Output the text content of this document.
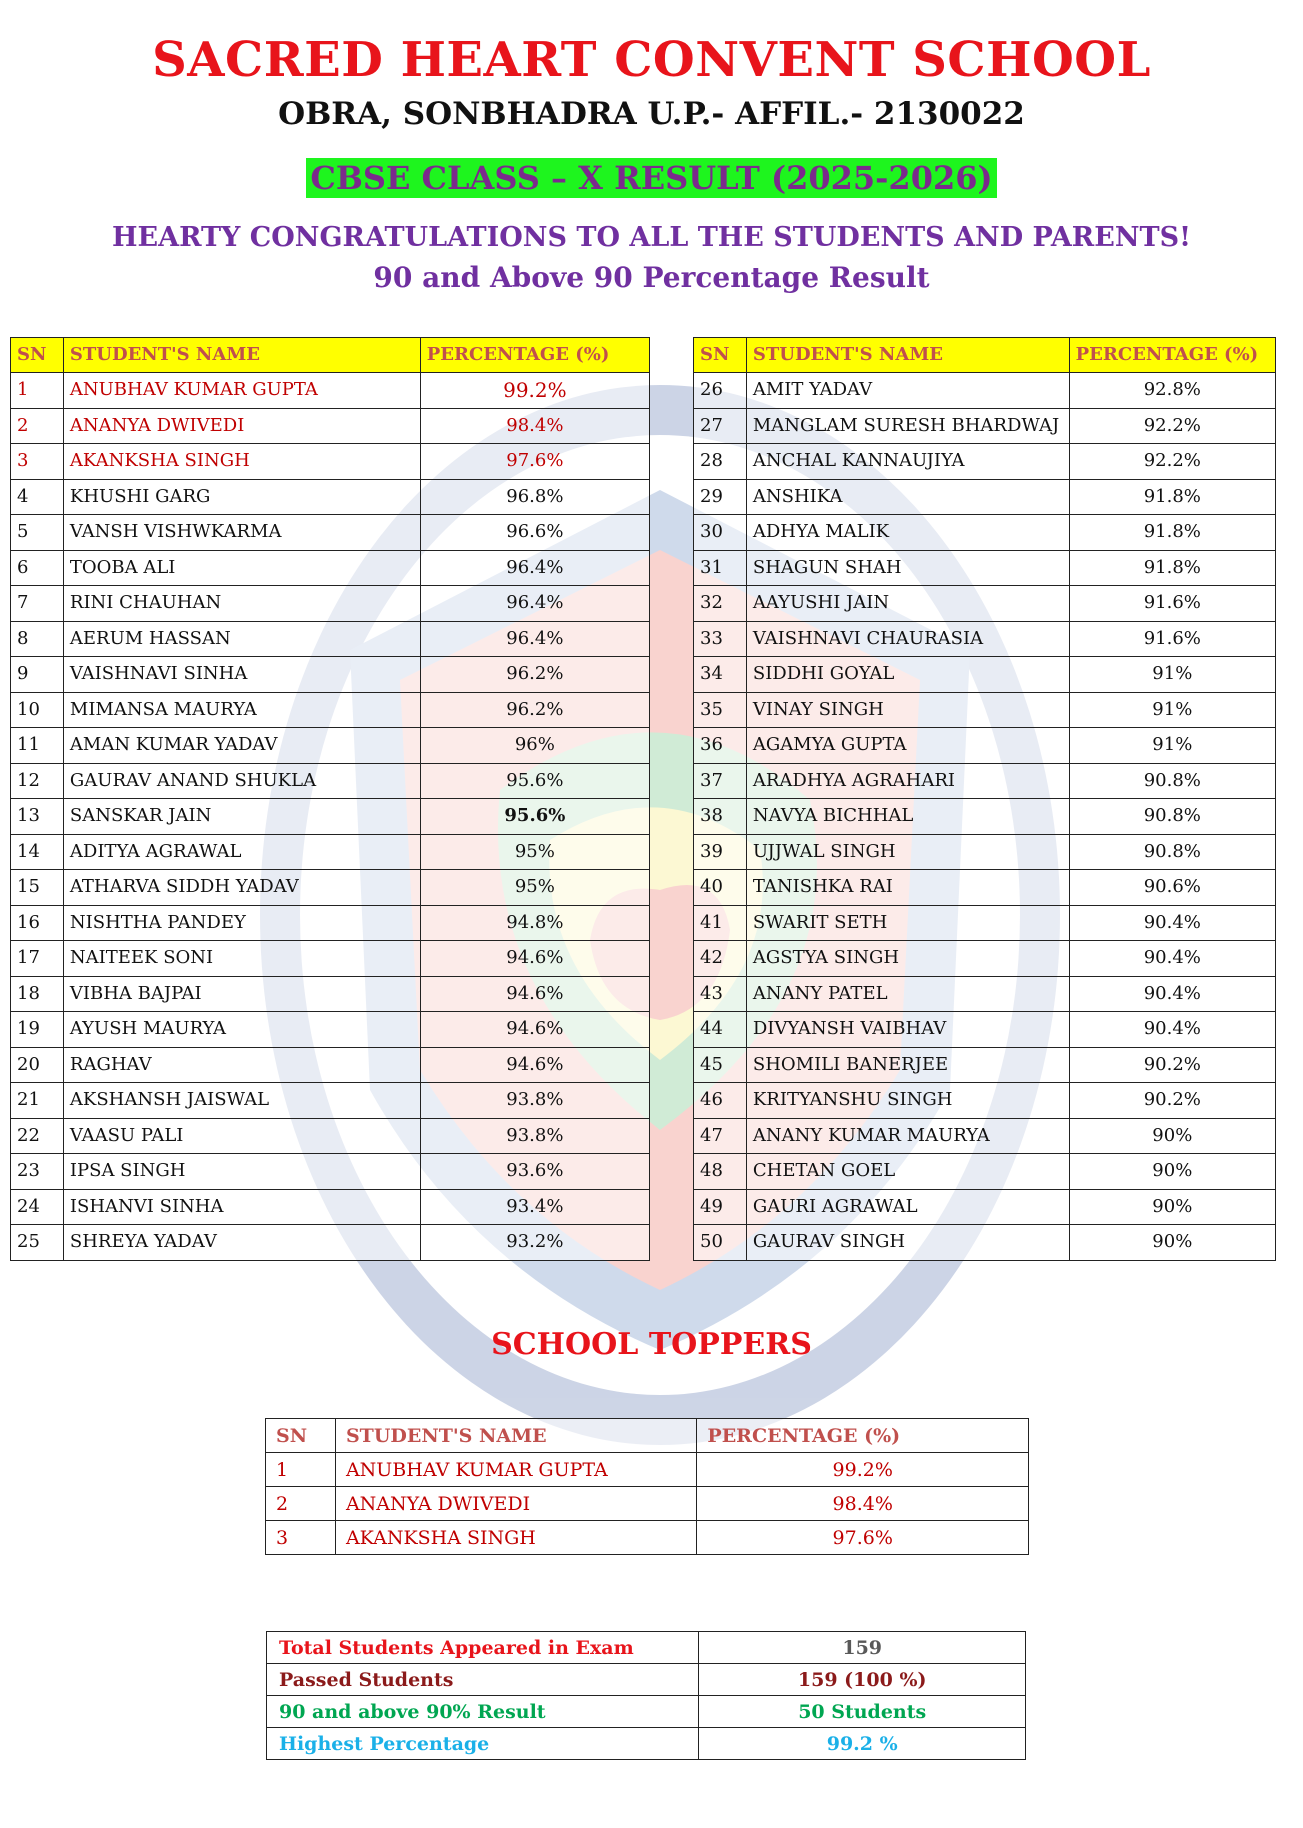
SACRED HEART CONVENT SCHOOL
OBRA, SONBHADRA U.P.- AFFIL.- 2130022
CBSE CLASS – X RESULT (2025-2026)
HEARTY CONGRATULATIONS TO ALL THE STUDENTS AND PARENTS!
90 and Above 90 Percentage Result
SN	STUDENT'S NAME	PERCENTAGE (%)
1	ANUBHAV KUMAR GUPTA	99.2%
2	ANANYA DWIVEDI	98.4%
3	AKANKSHA SINGH	97.6%
4	KHUSHI GARG	96.8%
5	VANSH VISHWKARMA	96.6%
6	TOOBA ALI	96.4%
7	RINI CHAUHAN	96.4%
8	AERUM HASSAN	96.4%
9	VAISHNAVI SINHA	96.2%
10	MIMANSA MAURYA	96.2%
11	AMAN KUMAR YADAV	96%
12	GAURAV ANAND SHUKLA	95.6%
13	SANSKAR JAIN	95.6%
14	ADITYA AGRAWAL	95%
15	ATHARVA SIDDH YADAV	95%
16	NISHTHA PANDEY	94.8%
17	NAITEEK SONI	94.6%
18	VIBHA BAJPAI	94.6%
19	AYUSH MAURYA	94.6%
20	RAGHAV	94.6%
21	AKSHANSH JAISWAL	93.8%
22	VAASU PALI	93.8%
23	IPSA SINGH	93.6%
24	ISHANVI SINHA	93.4%
25	SHREYA YADAV	93.2%
SN	STUDENT'S NAME	PERCENTAGE (%)
26	AMIT YADAV	92.8%
27	MANGLAM SURESH BHARDWAJ	92.2%
28	ANCHAL KANNAUJIYA	92.2%
29	ANSHIKA	91.8%
30	ADHYA MALIK	91.8%
31	SHAGUN SHAH	91.8%
32	AAYUSHI JAIN	91.6%
33	VAISHNAVI CHAURASIA	91.6%
34	SIDDHI GOYAL	91%
35	VINAY SINGH	91%
36	AGAMYA GUPTA	91%
37	ARADHYA AGRAHARI	90.8%
38	NAVYA BICHHAL	90.8%
39	UJJWAL SINGH	90.8%
40	TANISHKA RAI	90.6%
41	SWARIT SETH	90.4%
42	AGSTYA SINGH	90.4%
43	ANANY PATEL	90.4%
44	DIVYANSH VAIBHAV	90.4%
45	SHOMILI BANERJEE	90.2%
46	KRITYANSHU SINGH	90.2%
47	ANANY KUMAR MAURYA	90%
48	CHETAN GOEL	90%
49	GAURI AGRAWAL	90%
50	GAURAV SINGH	90%
SCHOOL TOPPERS
SN	STUDENT'S NAME	PERCENTAGE (%)
1	ANUBHAV KUMAR GUPTA	99.2%
2	ANANYA DWIVEDI	98.4%
3	AKANKSHA SINGH	97.6%
Total Students Appeared in Exam	159
Passed Students	159 (100 %)
90 and above 90% Result	50 Students
Highest Percentage	99.2 %
